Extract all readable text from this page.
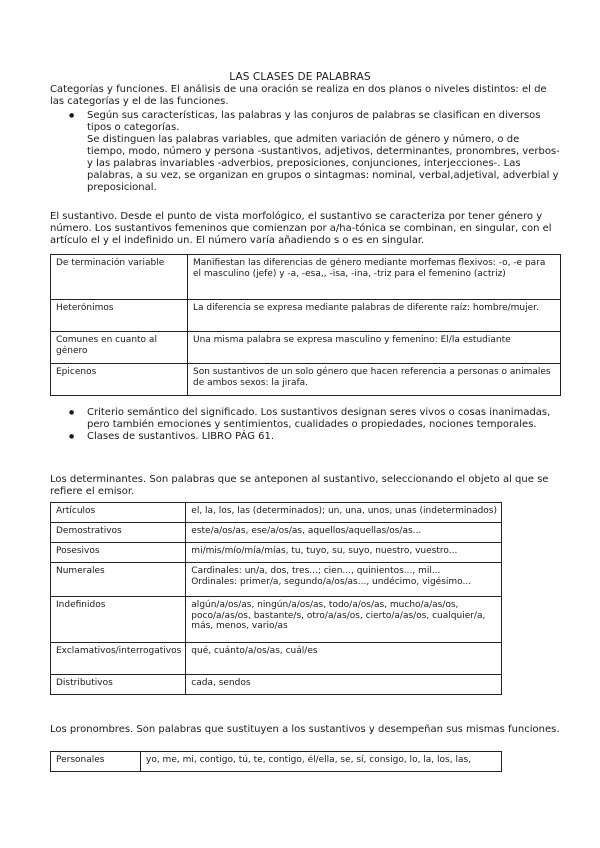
LAS CLASES DE PALABRAS
Categorías y funciones. El análisis de una oración se realiza en dos planos o niveles distintos: el de las categorías y el de las funciones.
● Según sus características, las palabras y las conjuros de palabras se clasifican en diversos tipos o categorías.
Se distinguen las palabras variables, que admiten variación de género y número, o de tiempo, modo, número y persona -sustantivos, adjetivos, determinantes, pronombres, verbos- y las palabras invariables -adverbios, preposiciones, conjunciones, interjecciones-. Las palabras, a su vez, se organizan en grupos o sintagmas: nominal, verbal,adjetival, adverbial y preposicional.
El sustantivo. Desde el punto de vista morfológico, el sustantivo se caracteriza por tener género y número. Los sustantivos femeninos que comienzan por a/ha-tónica se combinan, en singular, con el artículo el y el indefinido un. El número varía añadiendo s o es en singular.
De terminación variable	Manifiestan las diferencias de género mediante morfemas flexivos: -o, -e para el masculino (jefe) y -a, -esa,, -isa, -ina, -triz para el femenino (actriz)
Heterónimos	La diferencia se expresa mediante palabras de diferente raíz: hombre/mujer.
Comunes en cuanto al género	Una misma palabra se expresa masculino y femenino: El/la estudiante
Epicenos	Son sustantivos de un solo género que hacen referencia a personas o animales de ambos sexos: la jirafa.
● Criterio semántico del significado. Los sustantivos designan seres vivos o cosas inanimadas, pero también emociones y sentimientos, cualidades o propiedades, nociones temporales.
● Clases de sustantivos. LIBRO PÁG 61.
Los determinantes. Son palabras que se anteponen al sustantivo, seleccionando el objeto al que se refiere el emisor.
Artículos	el, la, los, las (determinados); un, una, unos, unas (indeterminados)
Demostrativos	este/a/os/as, ese/a/os/as, aquellos/aquellas/os/as...
Posesivos	mi/mis/mío/mía/mías, tu, tuyo, su, suyo, nuestro, vuestro...
Numerales	Cardinales: un/a, dos, tres...; cien..., quinientos..., mil...
Ordinales: primer/a, segundo/a/os/as..., undécimo, vigésimo...
Indefinidos	algún/a/os/as, ningún/a/os/as, todo/a/os/as, mucho/a/as/os, poco/a/as/os, bastante/s, otro/a/as/os, cierto/a/as/os, cualquier/a, más, menos, vario/as
Exclamativos/interrogativos	qué, cuánto/a/os/as, cuál/es
Distributivos	cada, sendos
Los pronombres. Son palabras que sustituyen a los sustantivos y desempeñan sus mismas funciones.
Personales	yo, me, mi, contigo, tú, te, contigo, él/ella, se, sí, consigo, lo, la, los, las,
